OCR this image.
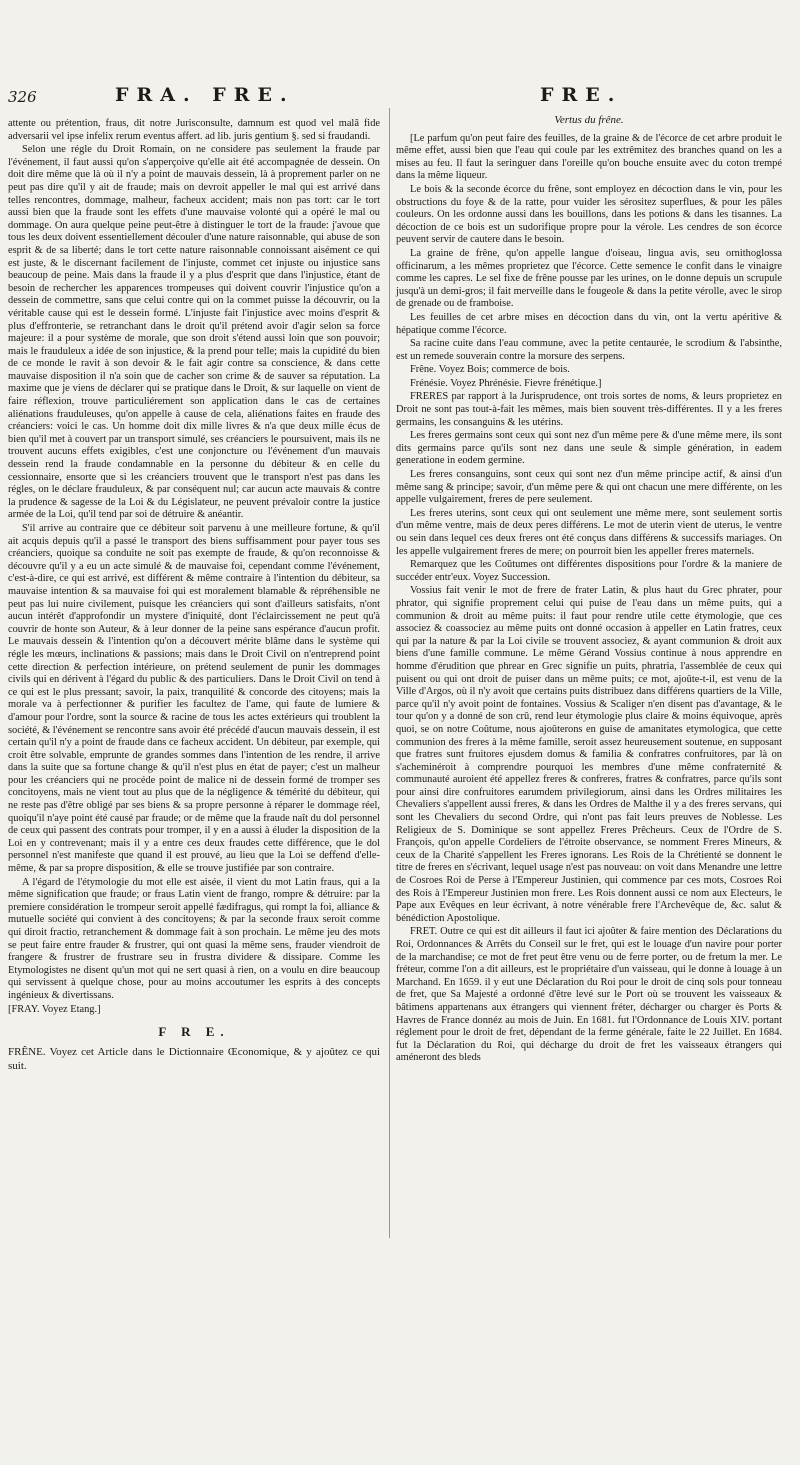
326	FRA. FRE.	FRE.

attente ou prétention, fraus, dit notre Jurisconsulte, damnum est quod vel malâ fide adversarii vel ipse infelix rerum eventus affert. ad lib. juris gentium §. sed si fraudandi.

Selon une régle du Droit Romain, on ne considere pas seulement la fraude par l'événement, il faut aussi qu'on s'apperçoive qu'elle ait été accompagnée de dessein. On doit dire même que là où il n'y a point de mauvais dessein, là à proprement parler on ne peut pas dire qu'il y ait de fraude; mais on devroit appeller le mal qui est arrivé dans telles rencontres, dommage, malheur, facheux accident; mais non pas tort: car le tort aussi bien que la fraude sont les effets d'une mauvaise volonté qui a opéré le mal ou dommage. On aura quelque peine peut-être à distinguer le tort de la fraude: j'avoue que tous les deux doivent essentiellement découler d'une nature raisonnable, qui abuse de son esprit & de sa liberté; dans le tort cette nature raisonnable connoissant aisément ce qui est juste, & le discernant facilement de l'injuste, commet cet injuste ou injustice sans beaucoup de peine. Mais dans la fraude il y a plus d'esprit que dans l'injustice, étant de besoin de rechercher les apparences trompeuses qui doivent couvrir l'injustice qu'on a dessein de commettre, sans que celui contre qui on la commet puisse la découvrir, ou la véritable cause qui est le dessein formé. L'injuste fait l'injustice avec moins d'esprit & plus d'effronterie, se retranchant dans le droit qu'il prétend avoir d'agir selon sa force majeure: il a pour système de morale, que son droit s'étend aussi loin que son pouvoir; mais le frauduleux a idée de son injustice, & la prend pour telle; mais la cupidité du bien de ce monde le ravit à son devoir & le fait agir contre sa conscience, & dans cette mauvaise disposition il n'a soin que de cacher son crime & de sauver sa réputation. La maxime que je viens de déclarer qui se pratique dans le Droit, & sur laquelle on vient de faire réflexion, trouve particuliérement son application dans le cas de certaines aliénations frauduleuses, qu'on appelle à cause de cela, aliénations faites en fraude des créanciers: voici le cas. Un homme doit dix mille livres & n'a que deux mille écus de bien qu'il met à couvert par un transport simulé, ses créanciers le poursuivent, mais ils ne trouvent aucuns effets exigibles, c'est une conjoncture ou l'événement d'un mauvais dessein rend la fraude condamnable en la personne du débiteur & en celle du cessionnaire, ensorte que si les créanciers trouvent que le transport n'est pas dans les régles, on le déclare frauduleux, & par conséquent nul; car aucun acte mauvais & contre la prudence & sagesse de la Loi & du Législateur, ne peuvent prévaloir contre la justice armée de la Loi, qu'il tend par soi de détruire & anéantir.

S'il arrive au contraire que ce débiteur soit parvenu à une meilleure fortune, & qu'il ait acquis depuis qu'il a passé le transport des biens suffisamment pour payer tous ses créanciers, quoique sa conduite ne soit pas exempte de fraude, & qu'on reconnoisse & découvre qu'il y a eu un acte simulé & de mauvaise foi, cependant comme l'événement, c'est-à-dire, ce qui est arrivé, est différent & même contraire à l'intention du débiteur, sa mauvaise intention & sa mauvaise foi qui est moralement blamable & répréhensible ne peut pas lui nuire civilement, puisque les créanciers qui sont d'ailleurs satisfaits, n'ont aucun intérêt d'approfondir un mystere d'iniquité, dont l'éclaircissement ne peut qu'à couvrir de honte son Auteur, & à leur donner de la peine sans espérance d'aucun profit. Le mauvais dessein & l'intention qu'on a découvert mérite blâme dans le système qui régle les mœurs, inclinations & passions; mais dans le Droit Civil on n'entreprend point cette direction & perfection intérieure, on prétend seulement de punir les dommages civils qui en dérivent à l'égard du public & des particuliers. Dans le Droit Civil on tend à ce qui est le plus pressant; savoir, la paix, tranquilité & concorde des citoyens; mais la morale va à perfectionner & purifier les facultez de l'ame, qui faute de lumiere & d'amour pour l'ordre, sont la source & racine de tous les actes extérieurs qui troublent la société, & l'événement se rencontre sans avoir été précédé d'aucun mauvais dessein, il est certain qu'il n'y a point de fraude dans ce facheux accident. Un débiteur, par exemple, qui croit être solvable, emprunte de grandes sommes dans l'intention de les rendre, il arrive dans la suite que sa fortune change & qu'il n'est plus en état de payer; c'est un malheur pour les créanciers qui ne procéde point de malice ni de dessein formé de tromper ses concitoyens, mais ne vient tout au plus que de la négligence & témérité du débiteur, qui ne reste pas d'être obligé par ses biens & sa propre personne à réparer le dommage réel, quoiqu'il n'aye point été causé par fraude; or de même que la fraude naît du dol personnel de ceux qui passent des contrats pour tromper, il y en a aussi à éluder la disposition de la Loi en y contrevenant; mais il y a entre ces deux fraudes cette différence, que le dol personnel n'est manifeste que quand il est prouvé, au lieu que la Loi se deffend d'elle-même, & par sa propre disposition, & elle se trouve justifiée par son contraire.

A l'égard de l'étymologie du mot elle est aisée, il vient du mot Latin fraus, qui a la même signification que fraude; or fraus Latin vient de frango, rompre & détruire: par la premiere considération le trompeur seroit appellé fædifragus, qui rompt la foi, alliance & mutuelle société qui convient à des concitoyens; & par la seconde fraux seroit comme qui diroit fractio, retranchement & dommage fait à son prochain. Le même jeu des mots se peut faire entre frauder & frustrer, qui ont quasi la même sens, frauder viendroit de frangere & frustrer de frustrare seu in frustra dividere & dissipare. Comme les Etymologistes ne disent qu'un mot qui ne sert quasi à rien, on a voulu en dire beaucoup qui servissent à quelque chose, pour au moins accoutumer les esprits à des concepts ingénieux & divertissans.

[FRAY. Voyez Etang.]

F R E.

FRÊNE. Voyez cet Article dans le Dictionnaire Œconomique, & y ajoûtez ce qui suit.

Vertus du frêne.

[Le parfum qu'on peut faire des feuilles, de la graine & de l'écorce de cet arbre produit le même effet, aussi bien que l'eau qui coule par les extrêmitez des branches quand on les a mises au feu. Il faut la seringuer dans l'oreille qu'on bouche ensuite avec du coton trempé dans la même liqueur.

Le bois & la seconde écorce du frêne, sont employez en décoction dans le vin, pour les obstructions du foye & de la ratte, pour vuider les sérositez superflues, & pour les pâles couleurs. On les ordonne aussi dans les bouillons, dans les potions & dans les tisannes. La décoction de ce bois est un sudorifique propre pour la vérole. Les cendres de son écorce peuvent servir de cautere dans le besoin.

La graine de frêne, qu'on appelle langue d'oiseau, lingua avis, seu ornithoglossa officinarum, a les mêmes proprietez que l'écorce. Cette semence le confit dans le vinaigre comme les capres. Le sel fixe de frêne pousse par les urines, on le donne depuis un scrupule jusqu'à un demi-gros; il fait merveille dans le fougeole & dans la petite vérolle, avec le sirop de grenade ou de framboise.

Les feuilles de cet arbre mises en décoction dans du vin, ont la vertu apéritive & hépatique comme l'écorce.

Sa racine cuite dans l'eau commune, avec la petite centaurée, le scrodium & l'absinthe, est un remede souverain contre la morsure des serpens.

Frêne. Voyez Bois; commerce de bois.

Frénésie. Voyez Phrénésie. Fievre frénétique.]

FRERES par rapport à la Jurisprudence, ont trois sortes de noms, & leurs proprietez en Droit ne sont pas tout-à-fait les mêmes, mais bien souvent très-différentes. Il y a les freres germains, les consanguins & les utérins.

Les freres germains sont ceux qui sont nez d'un même pere & d'une même mere, ils sont dits germains parce qu'ils sont nez dans une seule & simple génération, in eadem generatione in eodem germine.

Les freres consanguins, sont ceux qui sont nez d'un même principe actif, & ainsi d'un même sang & principe; savoir, d'un même pere & qui ont chacun une mere différente, on les appelle vulgairement, freres de pere seulement.

Les freres uterins, sont ceux qui ont seulement une même mere, sont seulement sortis d'un même ventre, mais de deux peres différens. Le mot de uterin vient de uterus, le ventre ou sein dans lequel ces deux freres ont été conçus dans différens & successifs mariages. On les appelle vulgairement freres de mere; on pourroit bien les appeller freres maternels.

Remarquez que les Coûtumes ont différentes dispositions pour l'ordre & la maniere de succéder entr'eux. Voyez Succession.

Vossius fait venir le mot de frere de frater Latin, & plus haut du Grec phrater, pour phrator, qui signifie proprement celui qui puise de l'eau dans un même puits, qui a communion & droit au même puits: il faut pour rendre utile cette étymologie, que ces associez & coassociez au même puits ont donné occasion à appeller en Latin fratres, ceux qui par la nature & par la Loi civile se trouvent associez, & ayant communion & droit aux biens d'une famille commune. Le même Gérand Vossius continue à nous apprendre en homme d'érudition que phrear en Grec signifie un puits, phratria, l'assemblée de ceux qui puisent ou qui ont droit de puiser dans un même puits; ce mot, ajoûte-t-il, est venu de la Ville d'Argos, où il n'y avoit que certains puits distribuez dans différens quartiers de la Ville, parce qu'il n'y avoit point de fontaines. Vossius & Scaliger n'en disent pas d'avantage, & le tour qu'on y a donné de son crû, rend leur étymologie plus claire & moins équivoque, après quoi, se on notre Coûtume, nous ajoûterons en guise de amanitates etymologica, que cette communion des freres à la même famille, seroit assez heureusement soutenue, en supposant que fratres sunt fruitores ejusdem domus & familia & confratres confruitores, par là on s'acheminéroit à comprendre pourquoi les membres d'une même confraternité & communauté auroient été appellez freres & confreres, fratres & confratres, parce qu'ils sont pour ainsi dire confruitores earumdem privilegiorum, ainsi dans les Ordres militaires les Chevaliers s'appellent aussi freres, & dans les Ordres de Malthe il y a des freres servans, qui sont les Chevaliers du second Ordre, qui n'ont pas fait leurs preuves de Noblesse. Les Religieux de S. Dominique se sont appellez Freres Prêcheurs. Ceux de l'Ordre de S. François, qu'on appelle Cordeliers de l'étroite observance, se nomment Freres Mineurs, & ceux de la Charité s'appellent les Freres ignorans. Les Rois de la Chrétienté se donnent le titre de freres en s'écrivant, lequel usage n'est pas nouveau: on voit dans Menandre une lettre de Cosroes Roi de Perse à l'Empereur Justinien, qui commence par ces mots, Cosroes Roi des Rois à l'Empereur Justinien mon frere. Les Rois donnent aussi ce nom aux Electeurs, le Pape aux Evêques en leur écrivant, à notre vénérable frere l'Archevêque de, &c. salut & bénédiction Apostolique.

FRET. Outre ce qui est dit ailleurs il faut ici ajoûter & faire mention des Déclarations du Roi, Ordonnances & Arrêts du Conseil sur le fret, qui est le louage d'un navire pour porter de la marchandise; ce mot de fret peut être venu ou de ferre porter, ou de fretum la mer. Le fréteur, comme l'on a dit ailleurs, est le propriétaire d'un vaisseau, qui le donne à louage à un Marchand. En 1659. il y eut une Déclaration du Roi pour le droit de cinq sols pour tonneau de fret, que Sa Majesté a ordonné d'être levé sur le Port où se trouvent les vaisseaux & bâtimens appartenans aux étrangers qui viennent fréter, décharger ou charger ès Ports & Havres de France donnéz au mois de Juin. En 1681. fut l'Ordonnance de Louis XIV. portant réglement pour le droit de fret, dépendant de la ferme générale, faite le 22 Juillet. En 1684. fut la Déclaration du Roi, qui décharge du droit de fret les vaisseaux étrangers qui améneront des bleds
